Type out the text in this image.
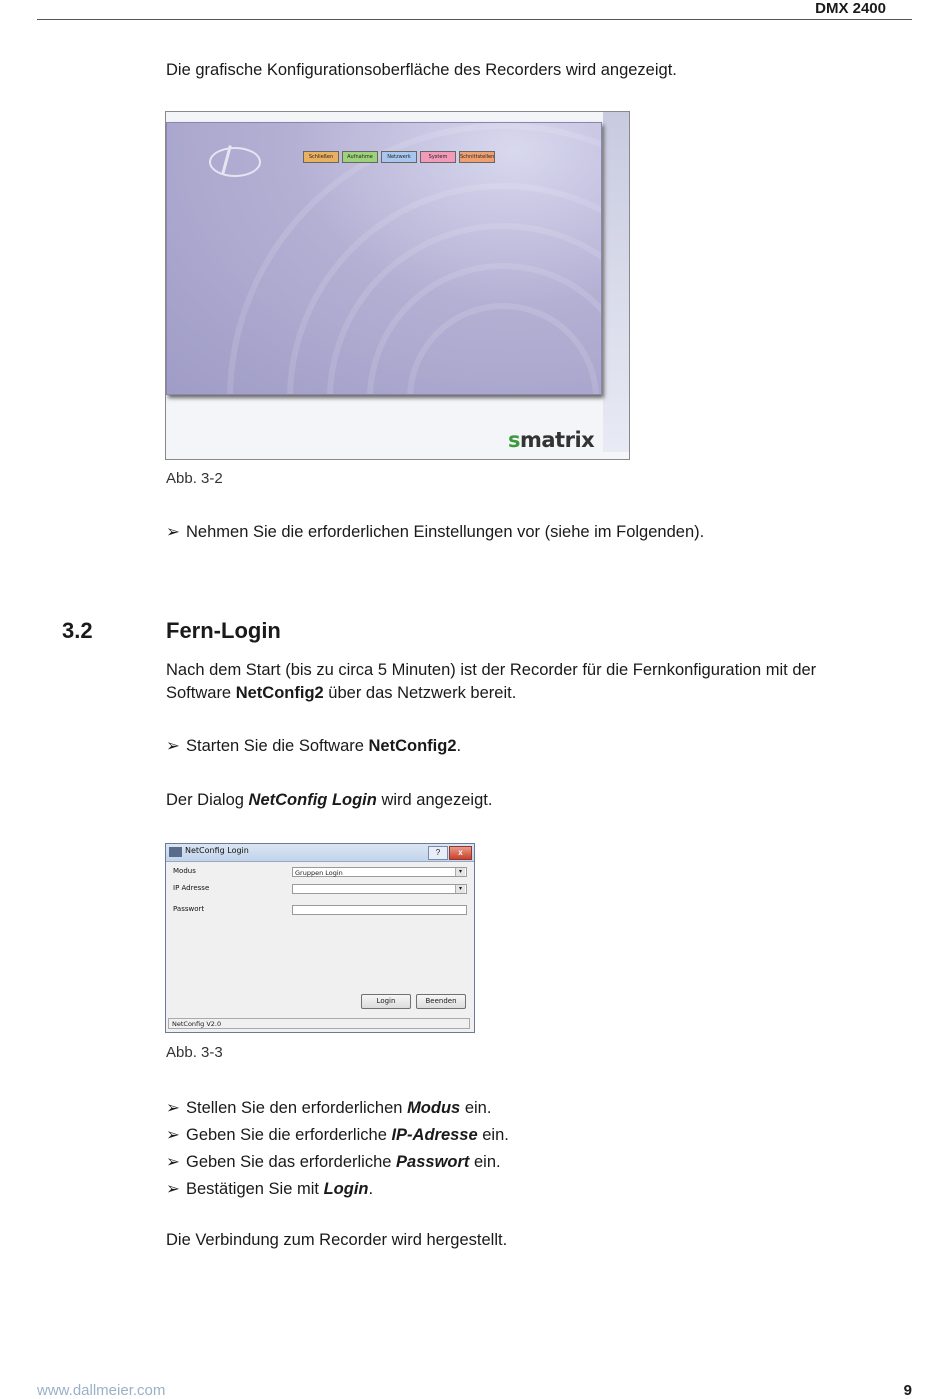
DMX 2400
Die grafische Konfigurationsoberfläche des Recorders wird angezeigt.
Schließen	Aufnahme	Netzwerk	System	Schnittstellen
smatrix
Abb. 3-2
➢ Nehmen Sie die erforderlichen Einstellungen vor (siehe im Folgenden).
3.2	Fern-Login
Nach dem Start (bis zu circa 5 Minuten) ist der Recorder für die Fernkonfiguration mit der
Software NetConfig2 über das Netzwerk bereit.
➢ Starten Sie die Software NetConfig2.
Der Dialog NetConfig Login wird angezeigt.
NetConfig Login	?	x
Modus	Gruppen Login	▾
IP Adresse	▾
Passwort
Login	Beenden
NetConfig V2.0
Abb. 3-3
➢ Stellen Sie den erforderlichen Modus ein.
➢ Geben Sie die erforderliche IP-Adresse ein.
➢ Geben Sie das erforderliche Passwort ein.
➢ Bestätigen Sie mit Login.
Die Verbindung zum Recorder wird hergestellt.
www.dallmeier.com	9
